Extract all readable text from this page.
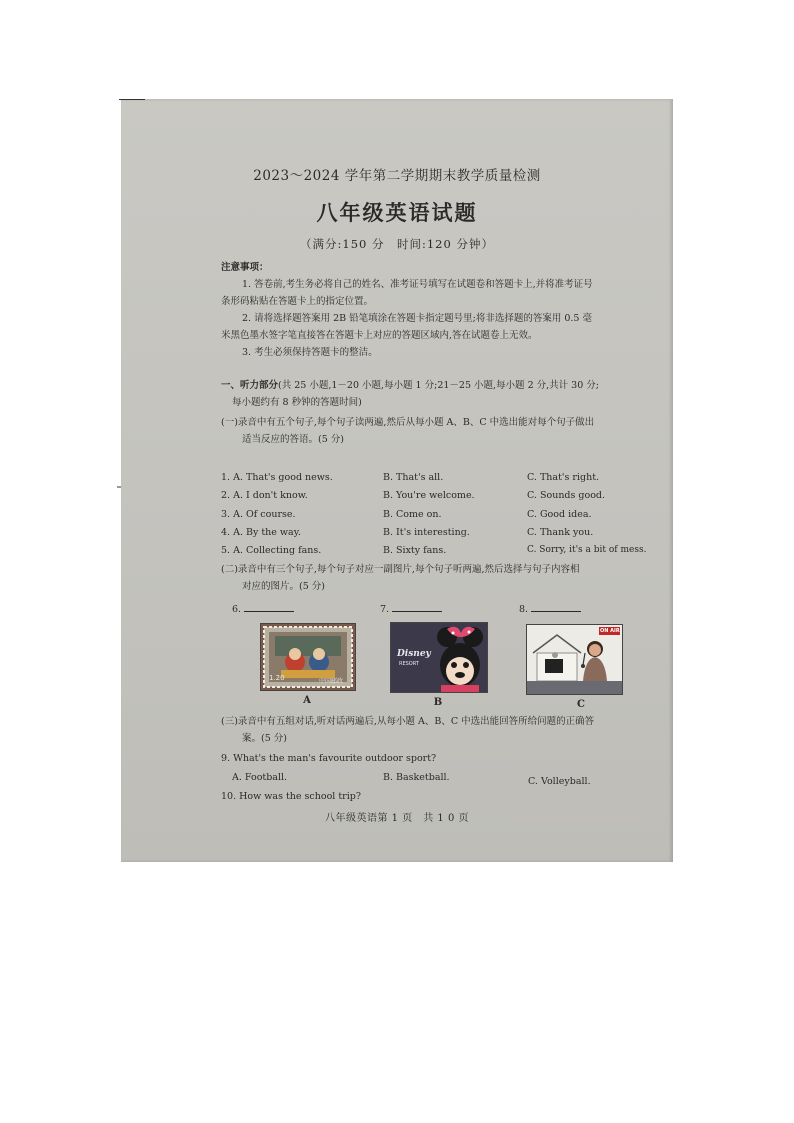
2023～2024 学年第二学期期末教学质量检测
八年级英语试题
（满分:150 分　时间:120 分钟）
注意事项：
1. 答卷前,考生务必将自己的姓名、准考证号填写在试题卷和答题卡上,并将准考证号
条形码粘贴在答题卡上的指定位置。
2. 请将选择题答案用 2B 铅笔填涂在答题卡指定题号里;将非选择题的答案用 0.5 毫
米黑色墨水签字笔直接答在答题卡上对应的答题区域内,答在试题卷上无效。
3. 考生必须保持答题卡的整洁。
一、听力部分(共 25 小题,1－20 小题,每小题 1 分;21－25 小题,每小题 2 分,共计 30 分;
每小题约有 8 秒钟的答题时间)
(一)录音中有五个句子,每个句子读两遍,然后从每小题 A、B、C 中选出能对每个句子做出
适当反应的答语。(5 分)
1. A. That's good news.	B. That's all.	C. That's right.
2. A. I don't know.	B. You're welcome.	C. Sounds good.
3. A. Of course.	B. Come on.	C. Good idea.
4. A. By the way.	B. It's interesting.	C. Thank you.
5. A. Collecting fans.	B. Sixty fans.	C. Sorry, it's a bit of mess.
(二)录音中有三个句子,每个句子对应一副图片,每个句子听两遍,然后选择与句子内容相
对应的图片。(5 分)
6.	7.	8.
1.20	中国邮政
A
Disney
RESORT
B
ON AIR
C
(三)录音中有五组对话,听对话两遍后,从每小题 A、B、C 中选出能回答所给问题的正确答
案。(5 分)
9. What's the man's favourite outdoor sport?
A. Football.	B. Basketball.	C. Volleyball.
10. How was the school trip?
八年级英语第 1 页　共 1 0 页
